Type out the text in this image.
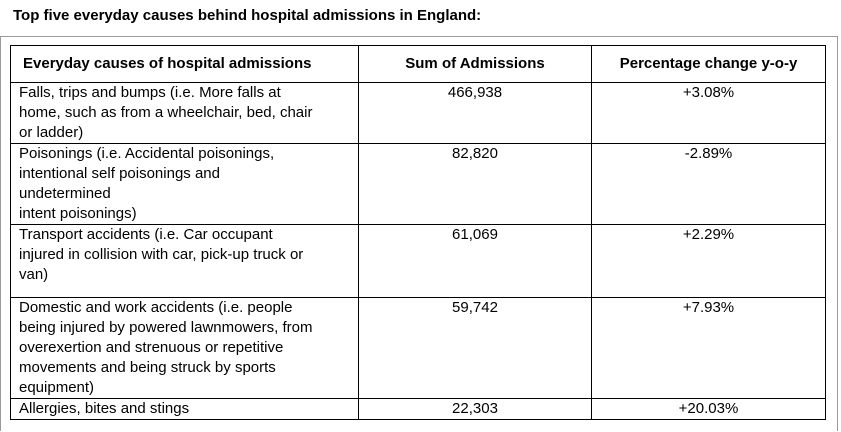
Top five everyday causes behind hospital admissions in England:
Everyday causes of hospital admissions	Sum of Admissions	Percentage change y-o-y
Falls, trips and bumps (i.e. More falls at
home, such as from a wheelchair, bed, chair
or ladder)	466,938	+3.08%
Poisonings (i.e. Accidental poisonings,
intentional self poisonings and
undetermined
intent poisonings)	82,820	-2.89%
Transport accidents (i.e. Car occupant
injured in collision with car, pick-up truck or
van)	61,069	+2.29%
Domestic and work accidents (i.e. people
being injured by powered lawnmowers, from
overexertion and strenuous or repetitive
movements and being struck by sports
equipment)	59,742	+7.93%
Allergies, bites and stings	22,303	+20.03%
